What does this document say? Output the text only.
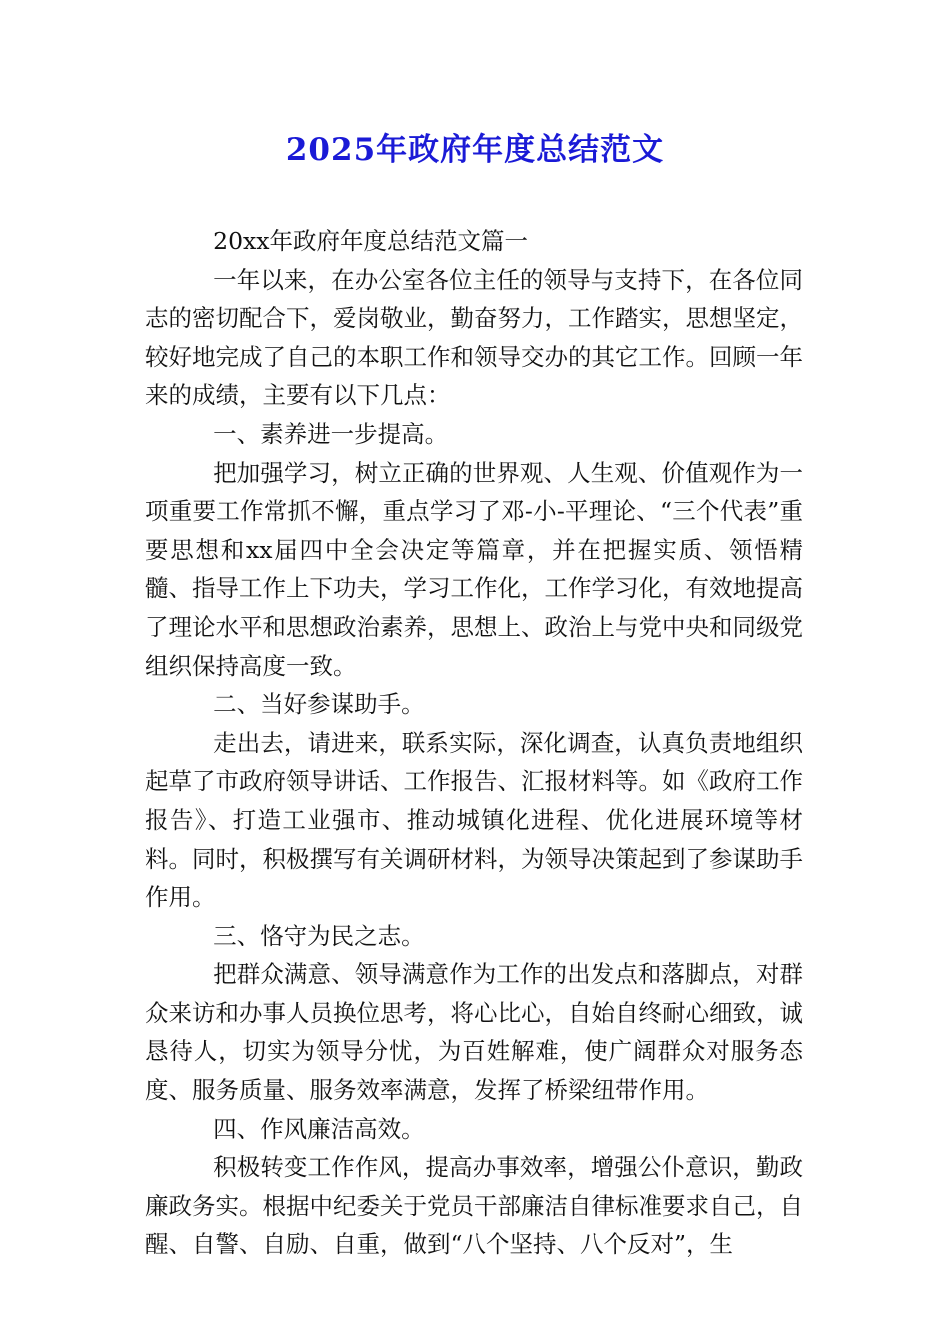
2025年政府年度总结范文

20xx年政府年度总结范文篇一

一年以来，在办公室各位主任的领导与支持下，在各位同志的密切配合下，爱岗敬业，勤奋努力，工作踏实，思想坚定，较好地完成了自己的本职工作和领导交办的其它工作。回顾一年来的成绩，主要有以下几点：

一、素养进一步提高。

把加强学习，树立正确的世界观、人生观、价值观作为一项重要工作常抓不懈，重点学习了邓-小-平理论、“三个代表”重要思想和xx届四中全会决定等篇章，并在把握实质、领悟精髓、指导工作上下功夫，学习工作化，工作学习化，有效地提高了理论水平和思想政治素养，思想上、政治上与党中央和同级党组织保持高度一致。

二、当好参谋助手。

走出去，请进来，联系实际，深化调查，认真负责地组织起草了市政府领导讲话、工作报告、汇报材料等。如《政府工作报告》、打造工业强市、推动城镇化进程、优化进展环境等材料。同时，积极撰写有关调研材料，为领导决策起到了参谋助手作用。

三、恪守为民之志。

把群众满意、领导满意作为工作的出发点和落脚点，对群众来访和办事人员换位思考，将心比心，自始自终耐心细致，诚恳待人，切实为领导分忧，为百姓解难，使广阔群众对服务态度、服务质量、服务效率满意，发挥了桥梁纽带作用。

四、作风廉洁高效。

积极转变工作作风，提高办事效率，增强公仆意识，勤政廉政务实。根据中纪委关于党员干部廉洁自律标准要求自己，自醒、自警、自励、自重，做到“八个坚持、八个反对”，生
